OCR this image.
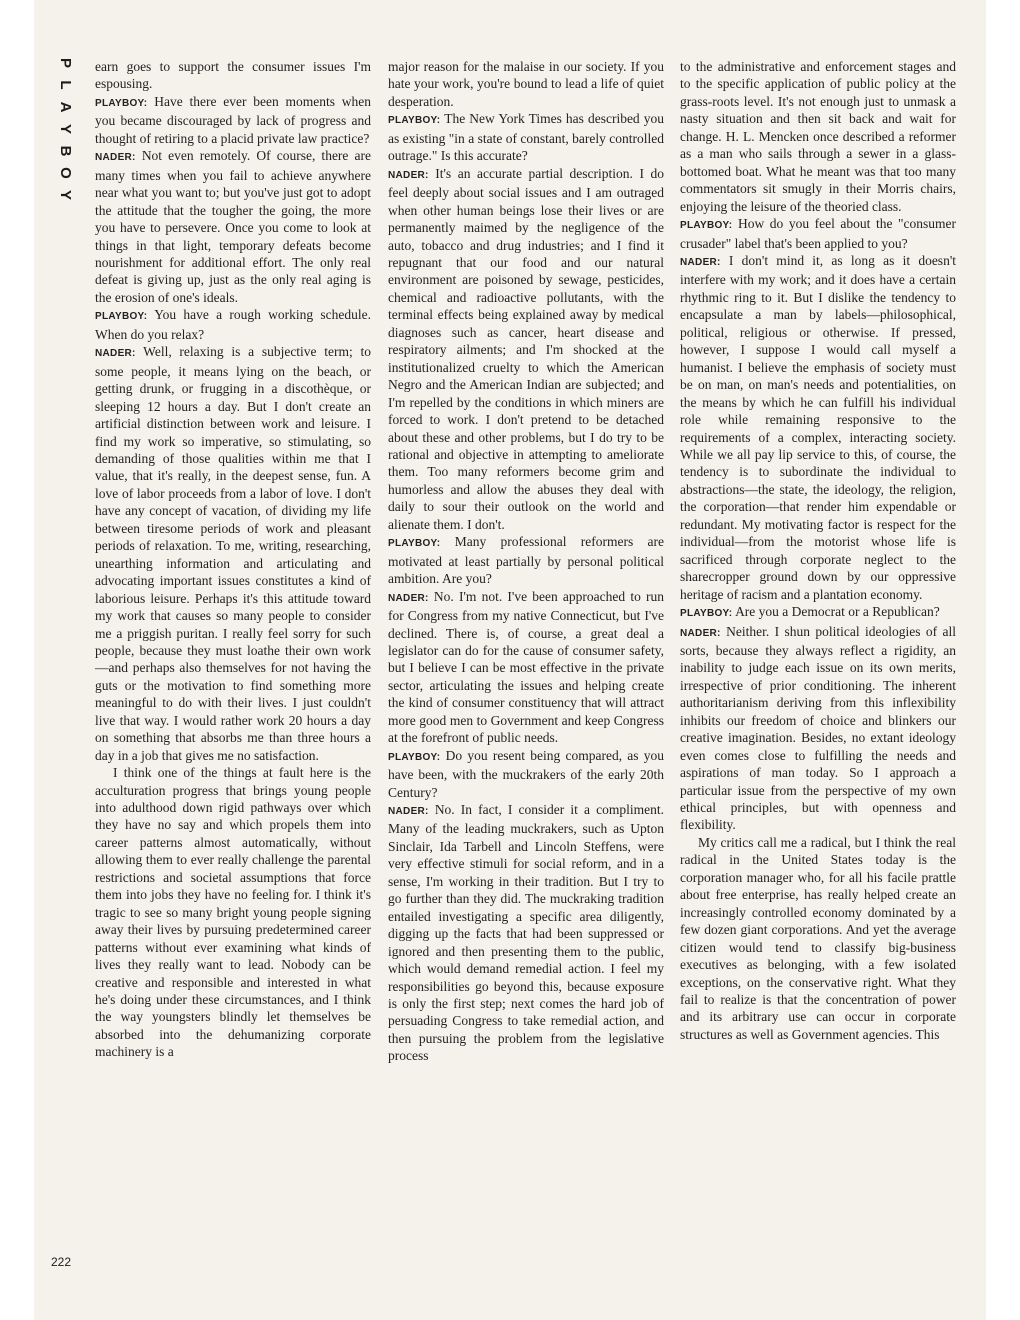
P
L
A
Y
B
O
Y
222

earn goes to support the consumer issues I'm espousing.

PLAYBOY: Have there ever been moments when you became discouraged by lack of progress and thought of retiring to a placid private law practice?

NADER: Not even remotely. Of course, there are many times when you fail to achieve anywhere near what you want to; but you've just got to adopt the attitude that the tougher the going, the more you have to persevere. Once you come to look at things in that light, temporary defeats become nourishment for additional effort. The only real defeat is giving up, just as the only real aging is the erosion of one's ideals.

PLAYBOY: You have a rough working schedule. When do you relax?

NADER: Well, relaxing is a subjective term; to some people, it means lying on the beach, or getting drunk, or frugging in a discothèque, or sleeping 12 hours a day. But I don't create an artificial distinction between work and leisure. I find my work so imperative, so stimulating, so demanding of those qualities within me that I value, that it's really, in the deepest sense, fun. A love of labor proceeds from a labor of love. I don't have any concept of vacation, of dividing my life between tiresome periods of work and pleasant periods of relaxation. To me, writing, researching, unearthing information and articulating and advocating important issues constitutes a kind of laborious leisure. Perhaps it's this attitude toward my work that causes so many people to consider me a priggish puritan. I really feel sorry for such people, because they must loathe their own work—and perhaps also themselves for not having the guts or the motivation to find something more meaningful to do with their lives. I just couldn't live that way. I would rather work 20 hours a day on something that absorbs me than three hours a day in a job that gives me no satisfaction.

I think one of the things at fault here is the acculturation progress that brings young people into adulthood down rigid pathways over which they have no say and which propels them into career patterns almost automatically, without allowing them to ever really challenge the parental restrictions and societal assumptions that force them into jobs they have no feeling for. I think it's tragic to see so many bright young people signing away their lives by pursuing predetermined career patterns without ever examining what kinds of lives they really want to lead. Nobody can be creative and responsible and interested in what he's doing under these circumstances, and I think the way youngsters blindly let themselves be absorbed into the dehumanizing corporate machinery is a

major reason for the malaise in our society. If you hate your work, you're bound to lead a life of quiet desperation.

PLAYBOY: The New York Times has described you as existing "in a state of constant, barely controlled outrage." Is this accurate?

NADER: It's an accurate partial description. I do feel deeply about social issues and I am outraged when other human beings lose their lives or are permanently maimed by the negligence of the auto, tobacco and drug industries; and I find it repugnant that our food and our natural environment are poisoned by sewage, pesticides, chemical and radioactive pollutants, with the terminal effects being explained away by medical diagnoses such as cancer, heart disease and respiratory ailments; and I'm shocked at the institutionalized cruelty to which the American Negro and the American Indian are subjected; and I'm repelled by the conditions in which miners are forced to work. I don't pretend to be detached about these and other problems, but I do try to be rational and objective in attempting to ameliorate them. Too many reformers become grim and humorless and allow the abuses they deal with daily to sour their outlook on the world and alienate them. I don't.

PLAYBOY: Many professional reformers are motivated at least partially by personal political ambition. Are you?

NADER: No. I'm not. I've been approached to run for Congress from my native Connecticut, but I've declined. There is, of course, a great deal a legislator can do for the cause of consumer safety, but I believe I can be most effective in the private sector, articulating the issues and helping create the kind of consumer constituency that will attract more good men to Government and keep Congress at the forefront of public needs.

PLAYBOY: Do you resent being compared, as you have been, with the muckrakers of the early 20th Century?

NADER: No. In fact, I consider it a compliment. Many of the leading muckrakers, such as Upton Sinclair, Ida Tarbell and Lincoln Steffens, were very effective stimuli for social reform, and in a sense, I'm working in their tradition. But I try to go further than they did. The muckraking tradition entailed investigating a specific area diligently, digging up the facts that had been suppressed or ignored and then presenting them to the public, which would demand remedial action. I feel my responsibilities go beyond this, because exposure is only the first step; next comes the hard job of persuading Congress to take remedial action, and then pursuing the problem from the legislative process

to the administrative and enforcement stages and to the specific application of public policy at the grass-roots level. It's not enough just to unmask a nasty situation and then sit back and wait for change. H. L. Mencken once described a reformer as a man who sails through a sewer in a glass-bottomed boat. What he meant was that too many commentators sit smugly in their Morris chairs, enjoying the leisure of the theoried class.

PLAYBOY: How do you feel about the "consumer crusader" label that's been applied to you?

NADER: I don't mind it, as long as it doesn't interfere with my work; and it does have a certain rhythmic ring to it. But I dislike the tendency to encapsulate a man by labels—philosophical, political, religious or otherwise. If pressed, however, I suppose I would call myself a humanist. I believe the emphasis of society must be on man, on man's needs and potentialities, on the means by which he can fulfill his individual role while remaining responsive to the requirements of a complex, interacting society. While we all pay lip service to this, of course, the tendency is to subordinate the individual to abstractions—the state, the ideology, the religion, the corporation—that render him expendable or redundant. My motivating factor is respect for the individual—from the motorist whose life is sacrificed through corporate neglect to the sharecropper ground down by our oppressive heritage of racism and a plantation economy.

PLAYBOY: Are you a Democrat or a Republican?

NADER: Neither. I shun political ideologies of all sorts, because they always reflect a rigidity, an inability to judge each issue on its own merits, irrespective of prior conditioning. The inherent authoritarianism deriving from this inflexibility inhibits our freedom of choice and blinkers our creative imagination. Besides, no extant ideology even comes close to fulfilling the needs and aspirations of man today. So I approach a particular issue from the perspective of my own ethical principles, but with openness and flexibility.

My critics call me a radical, but I think the real radical in the United States today is the corporation manager who, for all his facile prattle about free enterprise, has really helped create an increasingly controlled economy dominated by a few dozen giant corporations. And yet the average citizen would tend to classify big-business executives as belonging, with a few isolated exceptions, on the conservative right. What they fail to realize is that the concentration of power and its arbitrary use can occur in corporate structures as well as Government agencies. This
